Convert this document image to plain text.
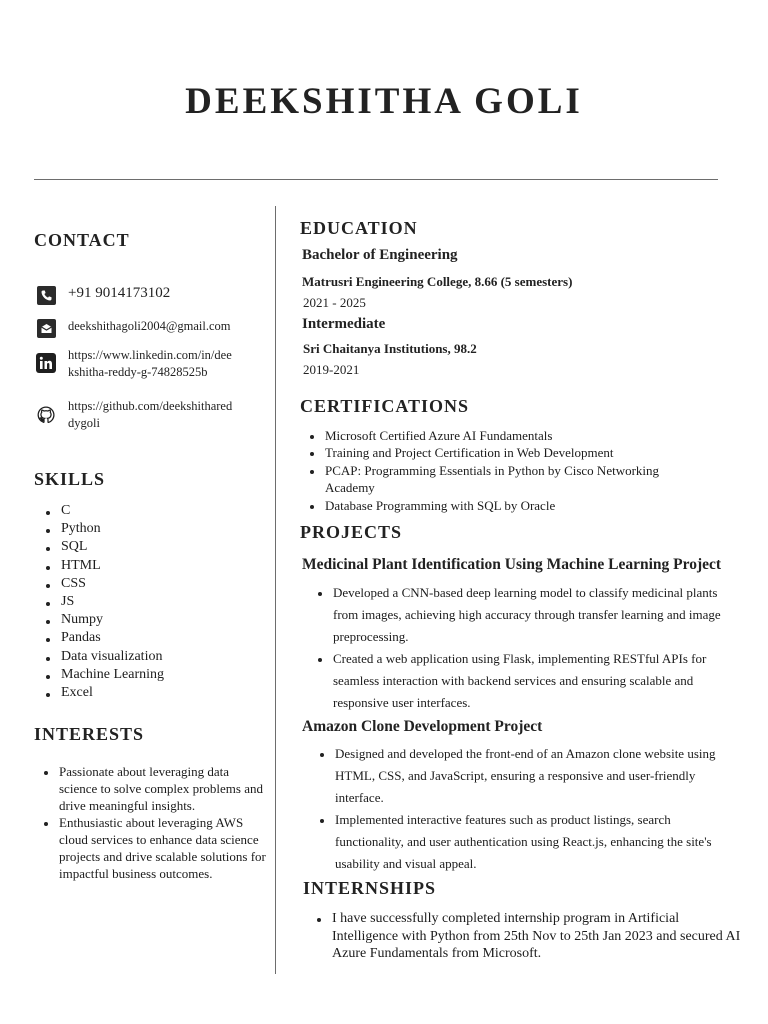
DEEKSHITHA GOLI
CONTACT
+91 9014173102
deekshithagoli2004@gmail.com
https://www.linkedin.com/in/dee
kshitha-reddy-g-74828525b
https://github.com/deekshithared
dygoli
SKILLS
C
Python
SQL
HTML
CSS
JS
Numpy
Pandas
Data visualization
Machine Learning
Excel
INTERESTS
Passionate about leveraging data science to solve complex problems and drive meaningful insights.
Enthusiastic about leveraging AWS cloud services to enhance data science projects and drive scalable solutions for impactful business outcomes.
EDUCATION
Bachelor of Engineering
Matrusri Engineering College, 8.66 (5 semesters)
2021 - 2025
Intermediate
Sri Chaitanya Institutions, 98.2
2019-2021
CERTIFICATIONS
Microsoft Certified Azure AI Fundamentals
Training and Project Certification in Web Development
PCAP: Programming Essentials in Python by Cisco Networking Academy
Database Programming with SQL by Oracle
PROJECTS
Medicinal Plant Identification Using Machine Learning Project
Developed a CNN-based deep learning model to classify medicinal plants from images, achieving high accuracy through transfer learning and image preprocessing.
Created a web application using Flask, implementing RESTful APIs for seamless interaction with backend services and ensuring scalable and responsive user interfaces.
Amazon Clone Development Project
Designed and developed the front-end of an Amazon clone website using HTML, CSS, and JavaScript, ensuring a responsive and user-friendly interface.
Implemented interactive features such as product listings, search functionality, and user authentication using React.js, enhancing the site's usability and visual appeal.
INTERNSHIPS
I have successfully completed internship program in Artificial Intelligence with Python from 25th Nov to 25th Jan 2023 and secured AI Azure Fundamentals from Microsoft.
